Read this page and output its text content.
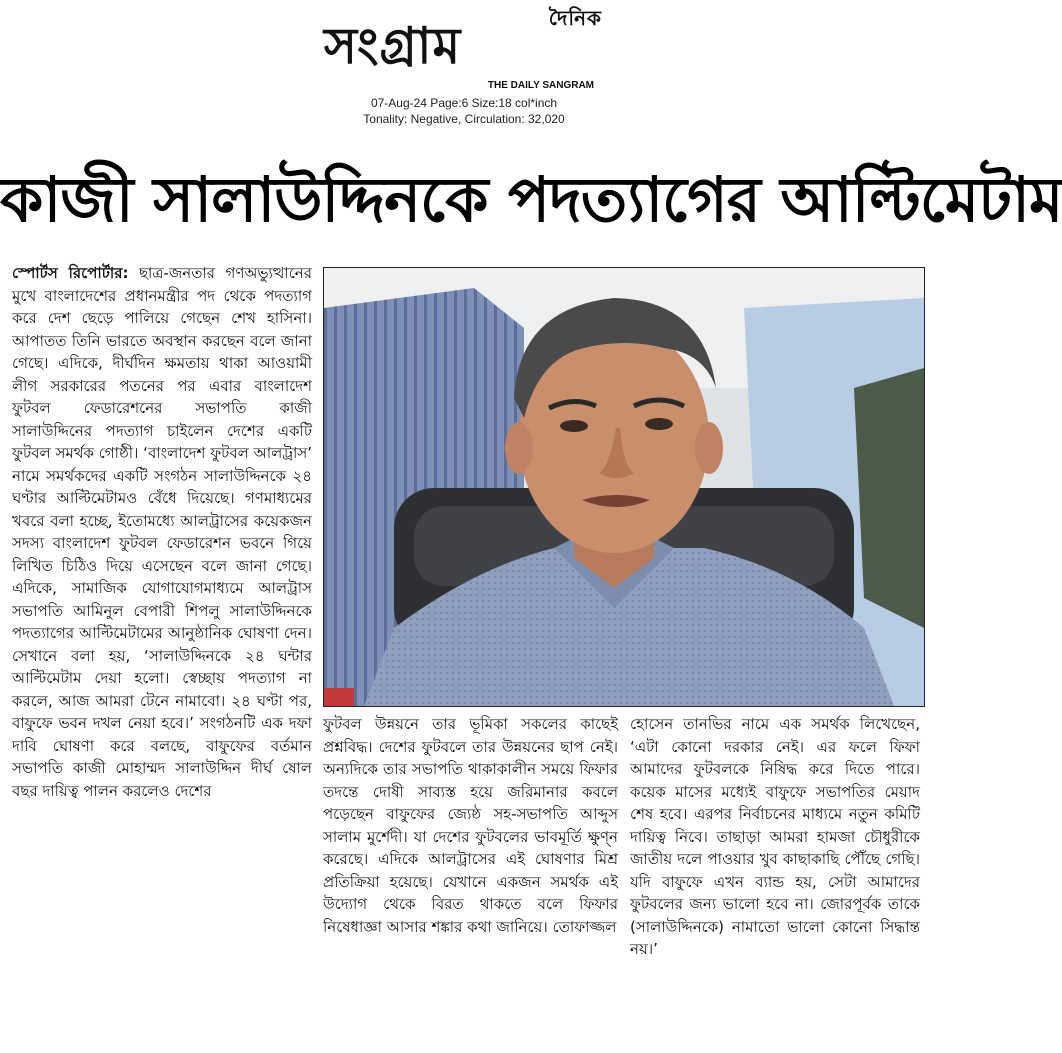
দৈনিক
সংগ্রাম
THE DAILY SANGRAM
07-Aug-24 Page:6 Size:18 col*inch
Tonality: Negative, Circulation: 32,020
কাজী সালাউদ্দিনকে পদত্যাগের আল্টিমেটাম
স্পোর্টস রিপোর্টার: ছাত্র-জনতার গণঅভ্যুত্থানের মুখে বাংলাদেশের প্রধানমন্ত্রীর পদ থেকে পদত্যাগ করে দেশ ছেড়ে পালিয়ে গেছেন শেখ হাসিনা। আপাতত তিনি ভারতে অবস্থান করছেন বলে জানা গেছে। এদিকে, দীর্ঘদিন ক্ষমতায় থাকা আওয়ামী লীগ সরকারের পতনের পর এবার বাংলাদেশ ফুটবল ফেডারেশনের সভাপতি কাজী সালাউদ্দিনের পদত্যাগ চাইলেন দেশের একটি ফুটবল সমর্থক গোষ্ঠী। ‘বাংলাদেশ ফুটবল আলট্রাস’ নামে সমর্থকদের একটি সংগঠন সালাউদ্দিনকে ২৪ ঘণ্টার আল্টিমেটামও বেঁধে দিয়েছে। গণমাধ্যমের খবরে বলা হচ্ছে, ইতোমধ্যে আলট্রাসের কয়েকজন সদস্য বাংলাদেশ ফুটবল ফেডারেশন ভবনে গিয়ে লিখিত চিঠিও দিয়ে এসেছেন বলে জানা গেছে। এদিকে, সামাজিক যোগাযোগমাধ্যমে আলট্রাস সভাপতি আমিনুল বেপারী শিপলু সালাউদ্দিনকে পদত্যাগের আল্টিমেটামের আনুষ্ঠানিক ঘোষণা দেন। সেখানে বলা হয়, ‘সালাউদ্দিনকে ২৪ ঘন্টার আল্টিমেটাম দেয়া হলো। স্বেচ্ছায় পদত্যাগ না করলে, আজ আমরা টেনে নামাবো। ২৪ ঘণ্টা পর, বাফুফে ভবন দখল নেয়া হবে।’ সংগঠনটি এক দফা দাবি ঘোষণা করে বলছে, বাফুফের বর্তমান সভাপতি কাজী মোহাম্মদ সালাউদ্দিন দীর্ঘ ষোল বছর দায়িত্ব পালন করলেও দেশের
ফুটবল উন্নয়নে তার ভূমিকা সকলের কাছেই প্রশ্নবিদ্ধ। দেশের ফুটবলে তার উন্নয়নের ছাপ নেই। অন্যদিকে তার সভাপতি থাকাকালীন সময়ে ফিফার তদন্তে দোষী সাব্যস্ত হয়ে জরিমানার কবলে পড়েছেন বাফুফের জ্যেষ্ঠ সহ-সভাপতি আব্দুস সালাম মুর্শেদী। যা দেশের ফুটবলের ভাবমূর্তি ক্ষুণ্ন করেছে। এদিকে আলট্রাসের এই ঘোষণার মিশ্র প্রতিক্রিয়া হয়েছে। যেখানে একজন সমর্থক এই উদ্যোগ থেকে বিরত থাকতে বলে ফিফার নিষেধাজ্ঞা আসার শঙ্কার কথা জানিয়ে। তোফাজ্জল
হোসেন তানভির নামে এক সমর্থক লিখেছেন, ‘এটা কোনো দরকার নেই। এর ফলে ফিফা আমাদের ফুটবলকে নিষিদ্ধ করে দিতে পারে। কয়েক মাসের মধ্যেই বাফুফে সভাপতির মেয়াদ শেষ হবে। এরপর নির্বাচনের মাধ্যমে নতুন কমিটি দায়িত্ব নিবে। তাছাড়া আমরা হামজা চৌধুরীকে জাতীয় দলে পাওয়ার খুব কাছাকাছি পৌঁছে গেছি। যদি বাফুফে এখন ব্যান্ড হয়, সেটা আমাদের ফুটবলের জন্য ভালো হবে না। জোরপূর্বক তাকে (সালাউদ্দিনকে) নামাতো ভালো কোনো সিদ্ধান্ত নয়।’
